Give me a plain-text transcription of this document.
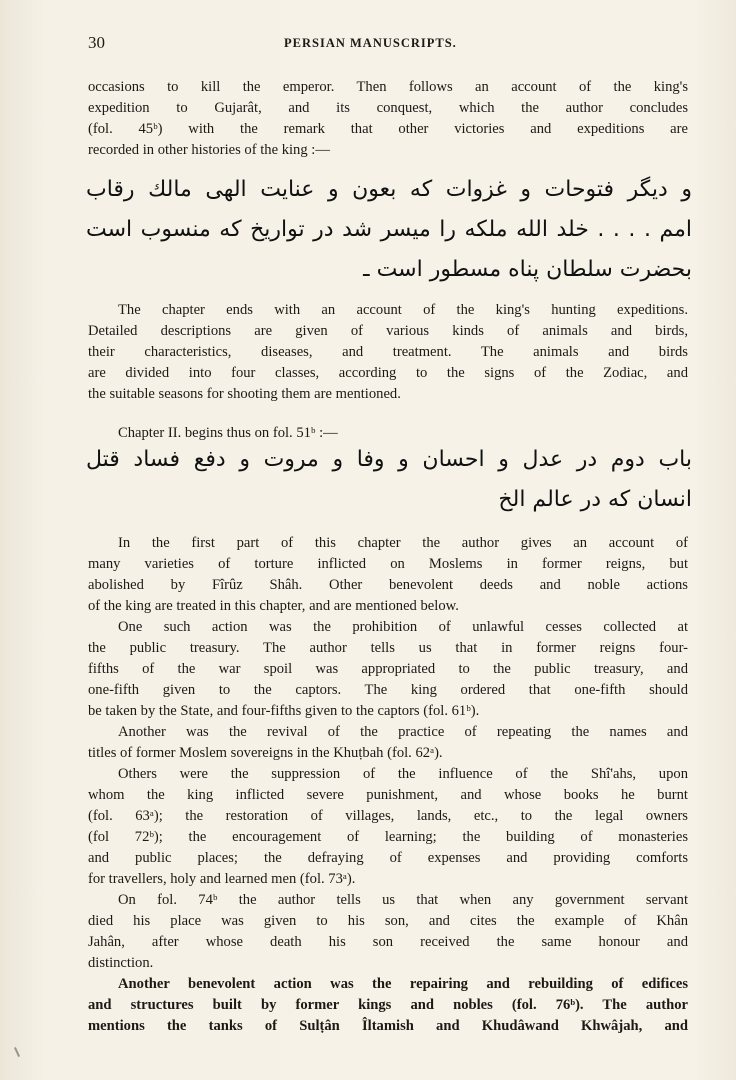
30	PERSIAN MANUSCRIPTS.
occasions to kill the emperor. Then follows an account of the king's
expedition to Gujarât, and its conquest, which the author concludes
(fol. 45ᵇ) with the remark that other victories and expeditions are
recorded in other histories of the king :—
و دیگر فتوحات و غزوات که بعون و عنایت الهی مالك رقاب
امم . . . . خلد الله ملکه را میسر شد در تواریخ که منسوب است
بحضرت سلطان پناه مسطور است ـ
The chapter ends with an account of the king's hunting expeditions.
Detailed descriptions are given of various kinds of animals and birds,
their characteristics, diseases, and treatment. The animals and birds
are divided into four classes, according to the signs of the Zodiac, and
the suitable seasons for shooting them are mentioned.
Chapter II. begins thus on fol. 51ᵇ :—
باب دوم در عدل و احسان و وفا و مروت و دفع فساد قتل
انسان که در عالم الخ
In the first part of this chapter the author gives an account of
many varieties of torture inflicted on Moslems in former reigns, but
abolished by Fîrûz Shâh. Other benevolent deeds and noble actions
of the king are treated in this chapter, and are mentioned below.
One such action was the prohibition of unlawful cesses collected at
the public treasury. The author tells us that in former reigns four-
fifths of the war spoil was appropriated to the public treasury, and
one-fifth given to the captors. The king ordered that one-fifth should
be taken by the State, and four-fifths given to the captors (fol. 61ᵇ).
Another was the revival of the practice of repeating the names and
titles of former Moslem sovereigns in the Khuṭbah (fol. 62ᵃ).
Others were the suppression of the influence of the Shî'ahs, upon
whom the king inflicted severe punishment, and whose books he burnt
(fol. 63ᵃ); the restoration of villages, lands, etc., to the legal owners
(fol 72ᵇ); the encouragement of learning; the building of monasteries
and public places; the defraying of expenses and providing comforts
for travellers, holy and learned men (fol. 73ᵃ).
On fol. 74ᵇ the author tells us that when any government servant
died his place was given to his son, and cites the example of Khân
Jahân, after whose death his son received the same honour and
distinction.
Another benevolent action was the repairing and rebuilding of edifices
and structures built by former kings and nobles (fol. 76ᵇ). The author
mentions the tanks of Sulṭân Îltamish and Khudâwand Khwâjah, and
